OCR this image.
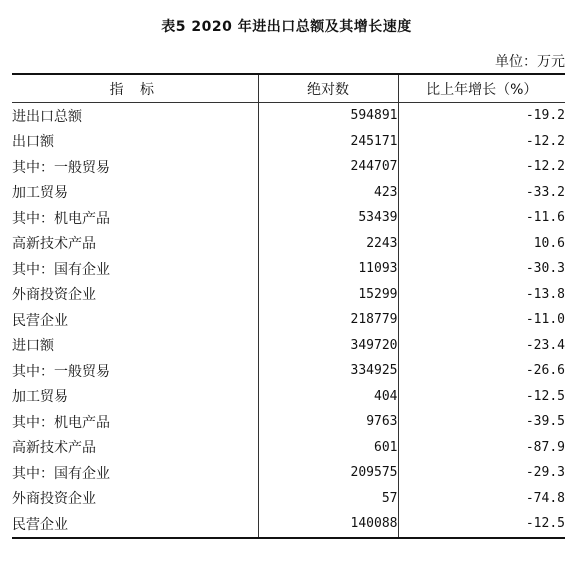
表5 2020 年进出口总额及其增长速度
单位：万元
指 标	绝对数	比上年增长（%）
进出口总额	594891	-19.2
出口额	245171	-12.2
其中：一般贸易	244707	-12.2
加工贸易	423	-33.2
其中：机电产品	53439	-11.6
高新技术产品	2243	10.6
其中：国有企业	11093	-30.3
外商投资企业	15299	-13.8
民营企业	218779	-11.0
进口额	349720	-23.4
其中：一般贸易	334925	-26.6
加工贸易	404	-12.5
其中：机电产品	9763	-39.5
高新技术产品	601	-87.9
其中：国有企业	209575	-29.3
外商投资企业	57	-74.8
民营企业	140088	-12.5
